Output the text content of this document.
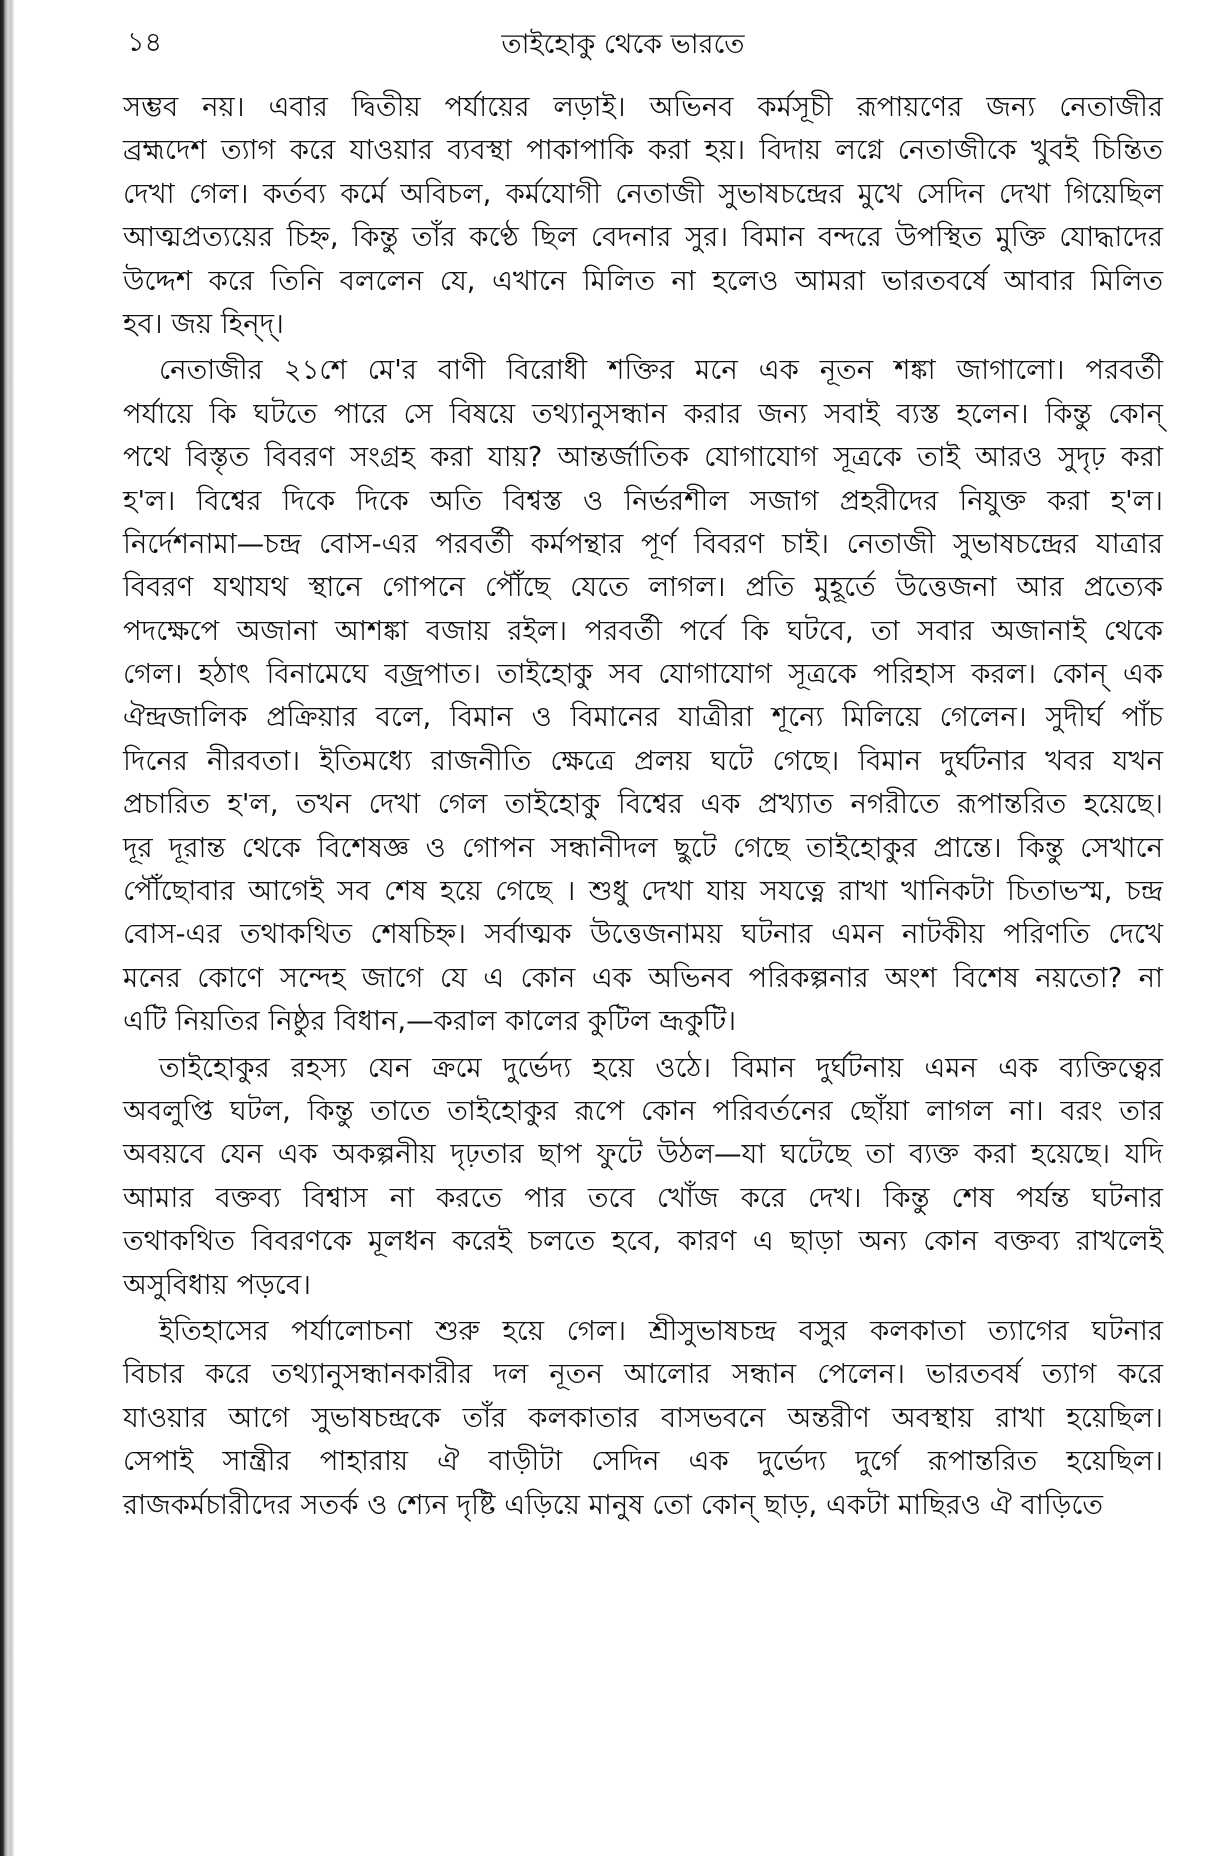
১৪	তাইহোকু থেকে ভারতে
সম্ভব নয়। এবার দ্বিতীয় পর্যায়ের লড়াই। অভিনব কর্মসূচী রূপায়ণের জন্য নেতাজীর
ব্রহ্মদেশ ত্যাগ করে যাওয়ার ব্যবস্থা পাকাপাকি করা হয়। বিদায় লগ্নে নেতাজীকে খুবই চিন্তিত
দেখা গেল। কর্তব্য কর্মে অবিচল, কর্মযোগী নেতাজী সুভাষচন্দ্রের মুখে সেদিন দেখা গিয়েছিল
আত্মপ্রত্যয়ের চিহ্ন, কিন্তু তাঁর কণ্ঠে ছিল বেদনার সুর। বিমান বন্দরে উপস্থিত মুক্তি যোদ্ধাদের
উদ্দেশ করে তিনি বললেন যে, এখানে মিলিত না হলেও আমরা ভারতবর্ষে আবার মিলিত
হব। জয় হিন্দ্।
নেতাজীর ২১শে মে'র বাণী বিরোধী শক্তির মনে এক নূতন শঙ্কা জাগালো। পরবর্তী
পর্যায়ে কি ঘটতে পারে সে বিষয়ে তথ্যানুসন্ধান করার জন্য সবাই ব্যস্ত হলেন। কিন্তু কোন্
পথে বিস্তৃত বিবরণ সংগ্রহ করা যায়? আন্তর্জাতিক যোগাযোগ সূত্রকে তাই আরও সুদৃঢ় করা
হ'ল। বিশ্বের দিকে দিকে অতি বিশ্বস্ত ও নির্ভরশীল সজাগ প্রহরীদের নিযুক্ত করা হ'ল।
নির্দেশনামা—চন্দ্র বোস-এর পরবর্তী কর্মপন্থার পূর্ণ বিবরণ চাই। নেতাজী সুভাষচন্দ্রের যাত্রার
বিবরণ যথাযথ স্থানে গোপনে পৌঁছে যেতে লাগল। প্রতি মুহূর্তে উত্তেজনা আর প্রত্যেক
পদক্ষেপে অজানা আশঙ্কা বজায় রইল। পরবর্তী পর্বে কি ঘটবে, তা সবার অজানাই থেকে
গেল। হঠাৎ বিনামেঘে বজ্রপাত। তাইহোকু সব যোগাযোগ সূত্রকে পরিহাস করল। কোন্ এক
ঐন্দ্রজালিক প্রক্রিয়ার বলে, বিমান ও বিমানের যাত্রীরা শূন্যে মিলিয়ে গেলেন। সুদীর্ঘ পাঁচ
দিনের নীরবতা। ইতিমধ্যে রাজনীতি ক্ষেত্রে প্রলয় ঘটে গেছে। বিমান দুর্ঘটনার খবর যখন
প্রচারিত হ'ল, তখন দেখা গেল তাইহোকু বিশ্বের এক প্রখ্যাত নগরীতে রূপান্তরিত হয়েছে।
দূর দূরান্ত থেকে বিশেষজ্ঞ ও গোপন সন্ধানীদল ছুটে গেছে তাইহোকুর প্রান্তে। কিন্তু সেখানে
পৌঁছোবার আগেই সব শেষ হয়ে গেছে । শুধু দেখা যায় সযত্নে রাখা খানিকটা চিতাভস্ম, চন্দ্র
বোস-এর তথাকথিত শেষচিহ্ন। সর্বাত্মক উত্তেজনাময় ঘটনার এমন নাটকীয় পরিণতি দেখে
মনের কোণে সন্দেহ জাগে যে এ কোন এক অভিনব পরিকল্পনার অংশ বিশেষ নয়তো? না
এটি নিয়তির নিষ্ঠুর বিধান,—করাল কালের কুটিল ভ্রূকুটি।
তাইহোকুর রহস্য যেন ক্রমে দুর্ভেদ্য হয়ে ওঠে। বিমান দুর্ঘটনায় এমন এক ব্যক্তিত্বের
অবলুপ্তি ঘটল, কিন্তু তাতে তাইহোকুর রূপে কোন পরিবর্তনের ছোঁয়া লাগল না। বরং তার
অবয়বে যেন এক অকল্পনীয় দৃঢ়তার ছাপ ফুটে উঠল—যা ঘটেছে তা ব্যক্ত করা হয়েছে। যদি
আমার বক্তব্য বিশ্বাস না করতে পার তবে খোঁজ করে দেখ। কিন্তু শেষ পর্যন্ত ঘটনার
তথাকথিত বিবরণকে মূলধন করেই চলতে হবে, কারণ এ ছাড়া অন্য কোন বক্তব্য রাখলেই
অসুবিধায় পড়বে।
ইতিহাসের পর্যালোচনা শুরু হয়ে গেল। শ্রীসুভাষচন্দ্র বসুর কলকাতা ত্যাগের ঘটনার
বিচার করে তথ্যানুসন্ধানকারীর দল নূতন আলোর সন্ধান পেলেন। ভারতবর্ষ ত্যাগ করে
যাওয়ার আগে সুভাষচন্দ্রকে তাঁর কলকাতার বাসভবনে অন্তরীণ অবস্থায় রাখা হয়েছিল।
সেপাই সান্ত্রীর পাহারায় ঐ বাড়ীটা সেদিন এক দুর্ভেদ্য দুর্গে রূপান্তরিত হয়েছিল।
রাজকর্মচারীদের সতর্ক ও শ্যেন দৃষ্টি এড়িয়ে মানুষ তো কোন্ ছাড়, একটা মাছিরও ঐ বাড়িতে
